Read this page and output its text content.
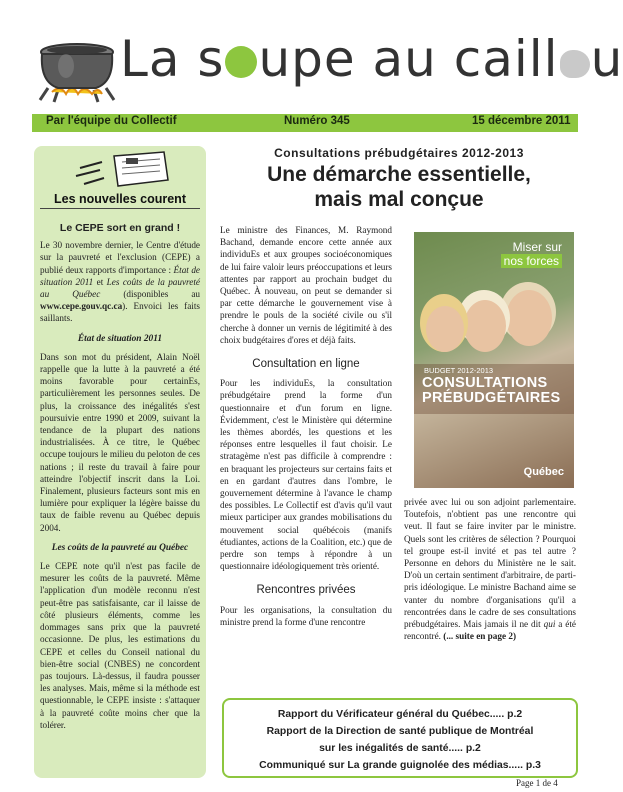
La s upe au caill u
Par l'équipe du Collectif	Numéro 345	15 décembre 2011
Les nouvelles courent
Le CEPE sort en grand !

Le 30 novembre dernier, le Centre d'étude sur la pauvreté et l'exclusion (CEPE) a publié deux rapports d'importance : État de situation 2011 et Les coûts de la pauvreté au Québec (disponibles au www.cepe.gouv.qc.ca). Envoici les faits saillants.

État de situation 2011

Dans son mot du président, Alain Noël rappelle que la lutte à la pauvreté a été moins favorable pour certainEs, particulièrement les personnes seules. De plus, la croissance des inégalités s'est poursuivie entre 1990 et 2009, suivant la tendance de la plupart des nations industrialisées. À ce titre, le Québec occupe toujours le milieu du peloton de ces nations ; il reste du travail à faire pour atteindre l'objectif inscrit dans la Loi. Finalement, plusieurs facteurs sont mis en lumière pour expliquer la légère baisse du taux de faible revenu au Québec depuis 2004.

Les coûts de la pauvreté au Québec

Le CEPE note qu'il n'est pas facile de mesurer les coûts de la pauvreté. Même l'application d'un modèle reconnu n'est peut-être pas satisfaisante, car il laisse de côté plusieurs éléments, comme les dommages sans prix que la pauvreté occasionne. De plus, les estimations du CEPE et celles du Conseil national du bien-être social (CNBES) ne concordent pas toujours. Là-dessus, il faudra pousser les analyses. Mais, même si la méthode est questionnable, le CEPE insiste : s'attaquer à la pauvreté coûte moins cher que la tolérer.

Consultations prébudgétaires 2012-2013
Une démarche essentielle,
mais mal conçue

Le ministre des Finances, M. Raymond Bachand, demande encore cette année aux individuEs et aux groupes socioéconomiques de lui faire valoir leurs préoccupations et leurs attentes par rapport au prochain budget du Québec. À nouveau, on peut se demander si par cette démarche le gouvernement vise à prendre le pouls de la société civile ou s'il cherche à donner un vernis de légitimité à des choix budgétaires d'ores et déjà faits.

Consultation en ligne

Pour les individuEs, la consultation prébudgétaire prend la forme d'un questionnaire et d'un forum en ligne. Évidemment, c'est le Ministère qui détermine les thèmes abordés, les questions et les réponses entre lesquelles il faut choisir. Le stratagème n'est pas difficile à comprendre : en braquant les projecteurs sur certains faits et en en gardant d'autres dans l'ombre, le gouvernement détermine à l'avance le champ des possibles. Le Collectif est d'avis qu'il vaut mieux participer aux grandes mobilisations du mouvement social québécois (manifs étudiantes, actions de la Coalition, etc.) que de perdre son temps à répondre à un questionnaire idéologiquement très orienté.

Rencontres privées

Pour les organisations, la consultation du ministre prend la forme d'une rencontre

Miser sur
nos forces
BUDGET 2012-2013
CONSULTATIONS
PRÉBUDGÉTAIRES
Québec

privée avec lui ou son adjoint parlementaire. Toutefois, n'obtient pas une rencontre qui veut. Il faut se faire inviter par le ministre. Quels sont les critères de sélection ? Pourquoi tel groupe est-il invité et pas tel autre ? Personne en dehors du Ministère ne le sait. D'où un certain sentiment d'arbitraire, de parti-pris idéologique. Le ministre Bachand aime se vanter du nombre d'organisations qu'il a rencontrées dans le cadre de ses consultations prébudgétaires. Mais jamais il ne dit qui a été rencontré. (... suite en page 2)

Rapport du Vérificateur général du Québec..... p.2
Rapport de la Direction de santé publique de Montréal
sur les inégalités de santé..... p.2
Communiqué sur La grande guignolée des médias..... p.3
Page 1 de 4
